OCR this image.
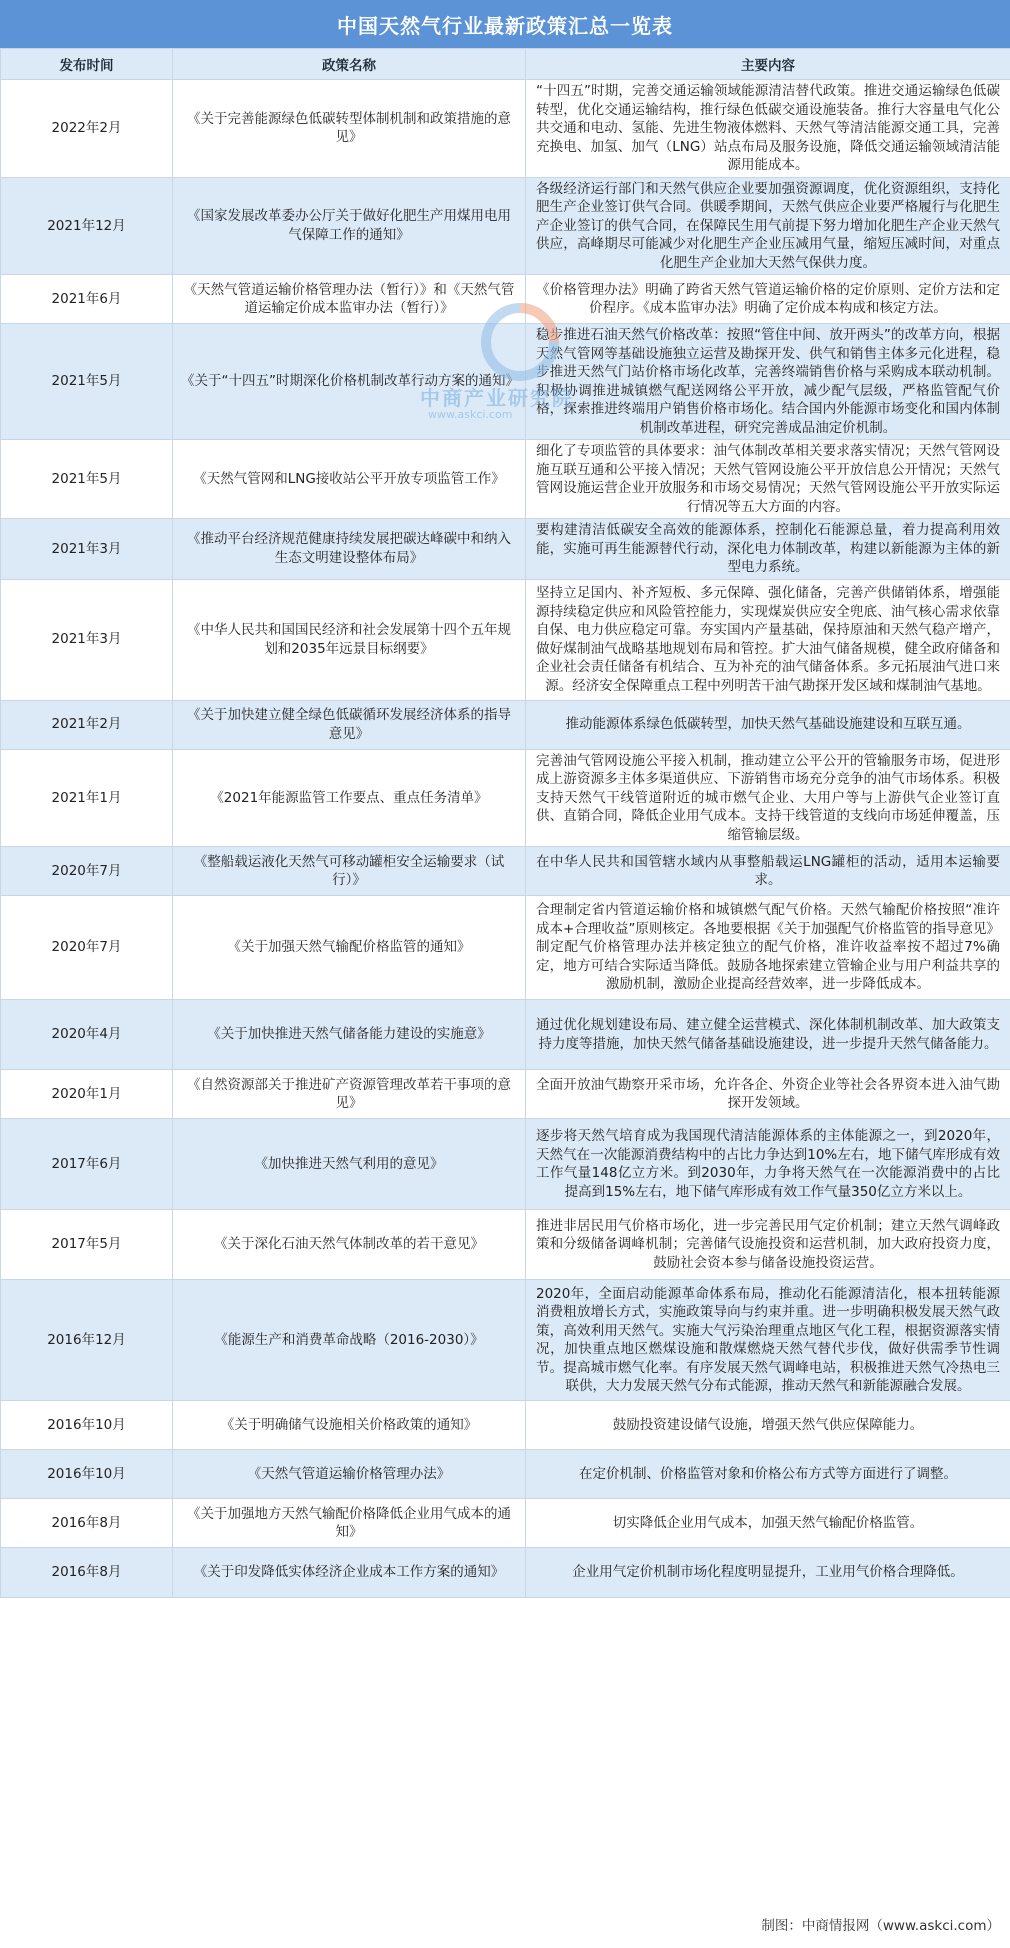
中国天然气行业最新政策汇总一览表
发布时间	政策名称	主要内容
2022年2月	《关于完善能源绿色低碳转型体制机制和政策措施的意见》	“十四五”时期，完善交通运输领域能源清洁替代政策。推进交通运输绿色低碳转型，优化交通运输结构，推行绿色低碳交通设施装备。推行大容量电气化公共交通和电动、氢能、先进生物液体燃料、天然气等清洁能源交通工具，完善充换电、加氢、加气（LNG）站点布局及服务设施，降低交通运输领域清洁能源用能成本。
2021年12月	《国家发展改革委办公厅关于做好化肥生产用煤用电用气保障工作的通知》	各级经济运行部门和天然气供应企业要加强资源调度，优化资源组织，支持化肥生产企业签订供气合同。供暖季期间，天然气供应企业要严格履行与化肥生产企业签订的供气合同，在保障民生用气前提下努力增加化肥生产企业天然气供应，高峰期尽可能减少对化肥生产企业压减用气量，缩短压减时间，对重点化肥生产企业加大天然气保供力度。
2021年6月	《天然气管道运输价格管理办法（暂行）》和《天然气管道运输定价成本监审办法（暂行）》	《价格管理办法》明确了跨省天然气管道运输价格的定价原则、定价方法和定价程序。《成本监审办法》明确了定价成本构成和核定方法。
2021年5月	《关于“十四五”时期深化价格机制改革行动方案的通知》	稳步推进石油天然气价格改革：按照“管住中间、放开两头”的改革方向，根据天然气管网等基础设施独立运营及勘探开发、供气和销售主体多元化进程，稳步推进天然气门站价格市场化改革，完善终端销售价格与采购成本联动机制。积极协调推进城镇燃气配送网络公平开放，减少配气层级，严格监管配气价格，探索推进终端用户销售价格市场化。结合国内外能源市场变化和国内体制机制改革进程，研究完善成品油定价机制。
2021年5月	《天然气管网和LNG接收站公平开放专项监管工作》	细化了专项监管的具体要求：油气体制改革相关要求落实情况；天然气管网设施互联互通和公平接入情况；天然气管网设施公平开放信息公开情况；天然气管网设施运营企业开放服务和市场交易情况；天然气管网设施公平开放实际运行情况等五大方面的内容。
2021年3月	《推动平台经济规范健康持续发展把碳达峰碳中和纳入生态文明建设整体布局》	要构建清洁低碳安全高效的能源体系，控制化石能源总量，着力提高利用效能，实施可再生能源替代行动，深化电力体制改革，构建以新能源为主体的新型电力系统。
2021年3月	《中华人民共和国国民经济和社会发展第十四个五年规划和2035年远景目标纲要》	坚持立足国内、补齐短板、多元保障、强化储备，完善产供储销体系，增强能源持续稳定供应和风险管控能力，实现煤炭供应安全兜底、油气核心需求依靠自保、电力供应稳定可靠。夯实国内产量基础，保持原油和天然气稳产增产，做好煤制油气战略基地规划布局和管控。扩大油气储备规模，健全政府储备和企业社会责任储备有机结合、互为补充的油气储备体系。多元拓展油气进口来源。经济安全保障重点工程中列明苦干油气勘探开发区域和煤制油气基地。
2021年2月	《关于加快建立健全绿色低碳循环发展经济体系的指导意见》	推动能源体系绿色低碳转型，加快天然气基础设施建设和互联互通。
2021年1月	《2021年能源监管工作要点、重点任务清单》	完善油气管网设施公平接入机制，推动建立公平公开的管输服务市场，促进形成上游资源多主体多渠道供应、下游销售市场充分竞争的油气市场体系。积极支持天然气干线管道附近的城市燃气企业、大用户等与上游供气企业签订直供、直销合同，降低企业用气成本。支持干线管道的支线向市场延伸覆盖，压缩管输层级。
2020年7月	《整船载运液化天然气可移动罐柜安全运输要求（试行）》	在中华人民共和国管辖水域内从事整船载运LNG罐柜的活动，适用本运输要求。
2020年7月	《关于加强天然气输配价格监管的通知》	合理制定省内管道运输价格和城镇燃气配气价格。天然气输配价格按照“准许成本+合理收益”原则核定。各地要根据《关于加强配气价格监管的指导意见》制定配气价格管理办法并核定独立的配气价格，准许收益率按不超过7%确定，地方可结合实际适当降低。鼓励各地探索建立管输企业与用户利益共享的激励机制，激励企业提高经营效率，进一步降低成本。
2020年4月	《关于加快推进天然气储备能力建设的实施意》	通过优化规划建设布局、建立健全运营模式、深化体制机制改革、加大政策支持力度等措施，加快天然气储备基础设施建设，进一步提升天然气储备能力。
2020年1月	《自然资源部关于推进矿产资源管理改革若干事项的意见》	全面开放油气勘察开采市场，允许各企、外资企业等社会各界资本进入油气勘探开发领域。
2017年6月	《加快推进天然气利用的意见》	逐步将天然气培育成为我国现代清洁能源体系的主体能源之一，到2020年，天然气在一次能源消费结构中的占比力争达到10%左右，地下储气库形成有效工作气量148亿立方米。到2030年，力争将天然气在一次能源消费中的占比提高到15%左右，地下储气库形成有效工作气量350亿立方米以上。
2017年5月	《关于深化石油天然气体制改革的若干意见》	推进非居民用气价格市场化，进一步完善民用气定价机制；建立天然气调峰政策和分级储备调峰机制；完善储气设施投资和运营机制，加大政府投资力度，鼓励社会资本参与储备设施投资运营。
2016年12月	《能源生产和消费革命战略（2016-2030）》	2020年，全面启动能源革命体系布局，推动化石能源清洁化，根本扭转能源消费粗放增长方式，实施政策导向与约束并重。进一步明确积极发展天然气政策，高效利用天然气。实施大气污染治理重点地区气化工程，根据资源落实情况，加快重点地区燃煤设施和散煤燃烧天然气替代步伐，做好供需季节性调节。提高城市燃气化率。有序发展天然气调峰电站，积极推进天然气冷热电三联供，大力发展天然气分布式能源，推动天然气和新能源融合发展。
2016年10月	《关于明确储气设施相关价格政策的通知》	鼓励投资建设储气设施，增强天然气供应保障能力。
2016年10月	《天然气管道运输价格管理办法》	在定价机制、价格监管对象和价格公布方式等方面进行了调整。
2016年8月	《关于加强地方天然气输配价格降低企业用气成本的通知》	切实降低企业用气成本，加强天然气输配价格监管。
2016年8月	《关于印发降低实体经济企业成本工作方案的通知》	企业用气定价机制市场化程度明显提升，工业用气价格合理降低。
制图：中商情报网（www.askci.com）
中商产业研究院
www.askci.com
